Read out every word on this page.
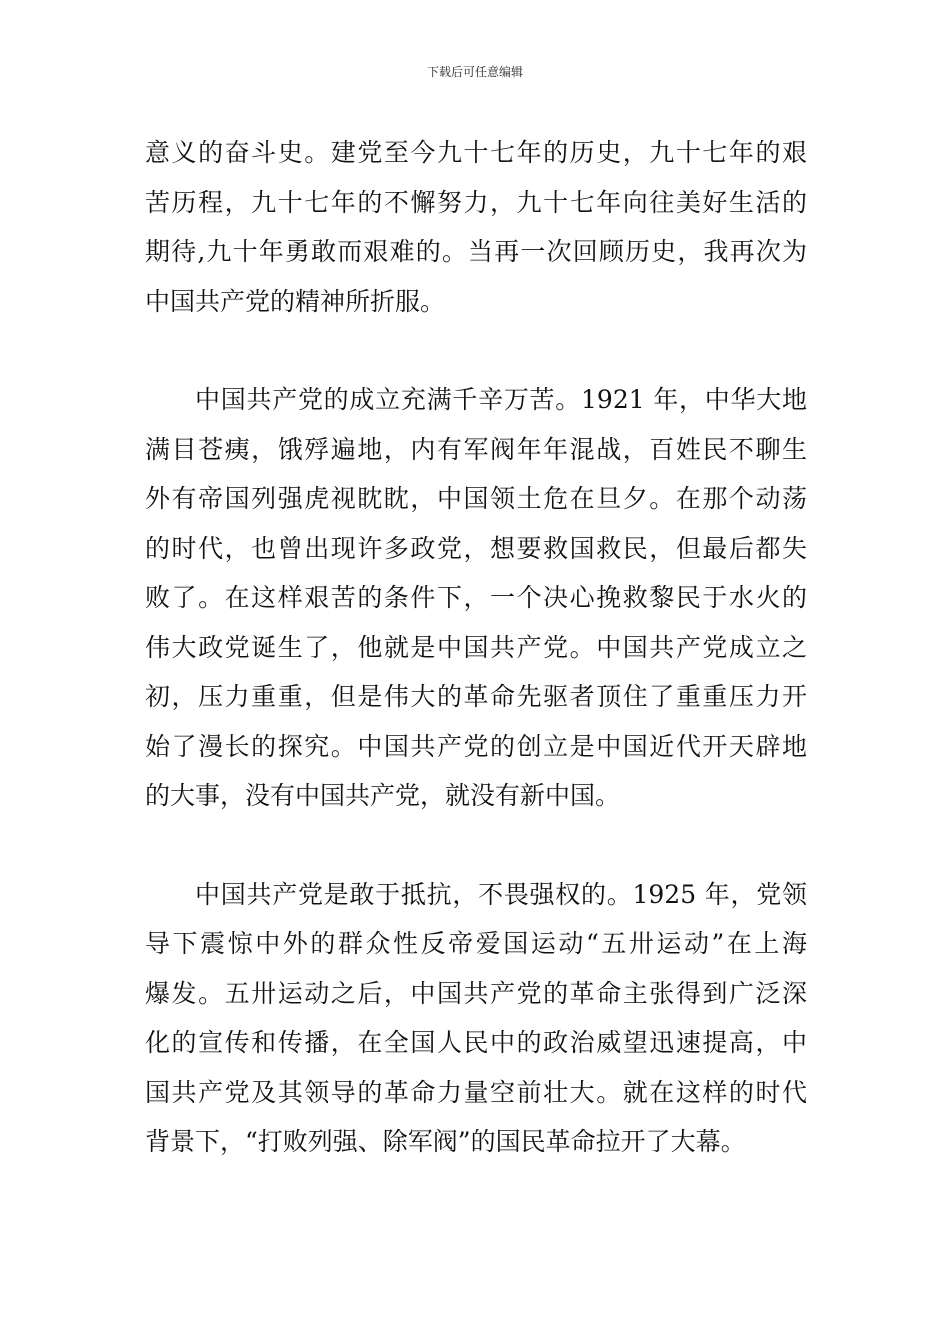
下载后可任意编辑
意义的奋斗史。建党至今九十七年的历史，九十七年的艰
苦历程，九十七年的不懈努力，九十七年向往美好生活的
期待,九十年勇敢而艰难的。当再一次回顾历史，我再次为
中国共产党的精神所折服。
中国共产党的成立充满千辛万苦。1921 年，中华大地
满目苍痍，饿殍遍地，内有军阀年年混战，百姓民不聊生
外有帝国列强虎视眈眈，中国领土危在旦夕。在那个动荡
的时代，也曾出现许多政党，想要救国救民，但最后都失
败了。在这样艰苦的条件下，一个决心挽救黎民于水火的
伟大政党诞生了，他就是中国共产党。中国共产党成立之
初，压力重重，但是伟大的革命先驱者顶住了重重压力开
始了漫长的探究。中国共产党的创立是中国近代开天辟地
的大事，没有中国共产党，就没有新中国。
中国共产党是敢于抵抗，不畏强权的。1925 年，党领
导下震惊中外的群众性反帝爱国运动“五卅运动”在上海
爆发。五卅运动之后，中国共产党的革命主张得到广泛深
化的宣传和传播，在全国人民中的政治威望迅速提高，中
国共产党及其领导的革命力量空前壮大。就在这样的时代
背景下，“打败列强、除军阀”的国民革命拉开了大幕。
